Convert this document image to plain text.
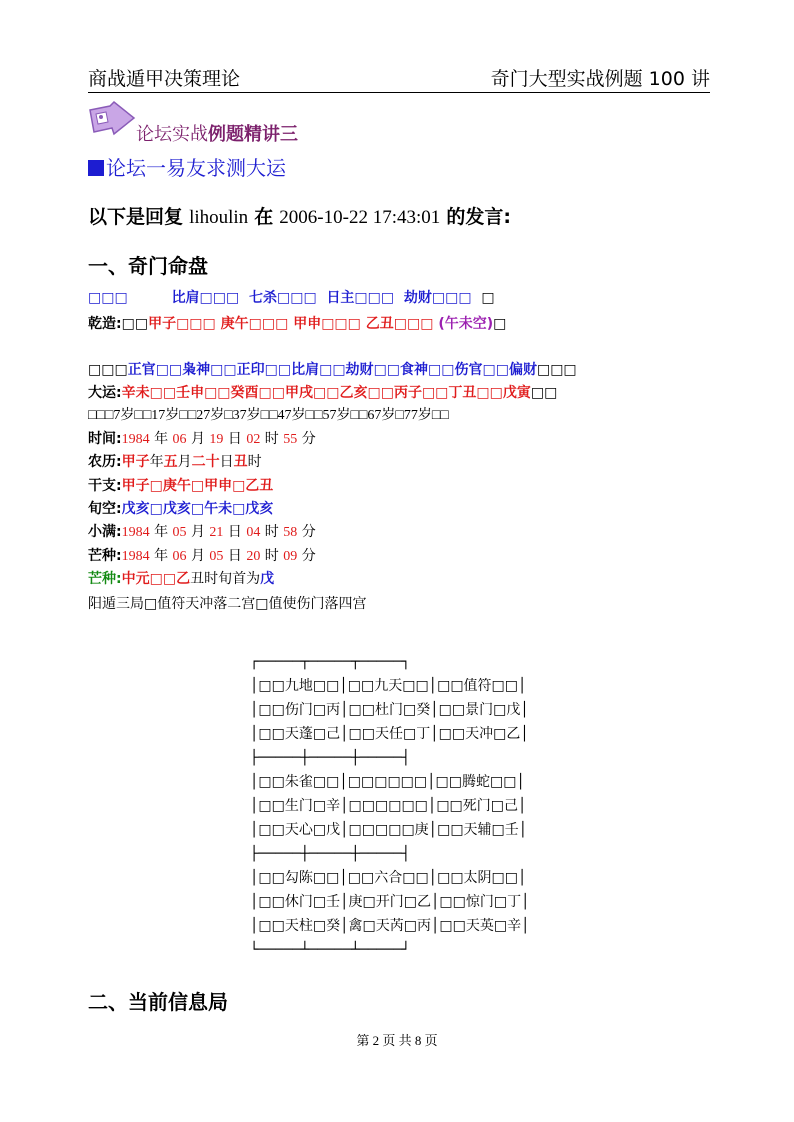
商战遁甲决策理论	奇门大型实战例题 100 讲
论坛实战例题精讲三
论坛一易友求测大运
以下是回复 lihoulin 在 2006-10-22 17:43:01 的发言:
一、奇门命盘
□□□	比肩□□□ 七杀□□□ 日主□□□ 劫财□□□ □
乾造:□□甲子□□□ 庚午□□□ 甲申□□□ 乙丑□□□ (午未空)□
□□□正官□□枭神□□正印□□比肩□□劫财□□食神□□伤官□□偏财□□□
大运:辛未□□壬申□□癸酉□□甲戌□□乙亥□□丙子□□丁丑□□戊寅□□
□□□7岁□□17岁□□27岁□37岁□□47岁□□57岁□□67岁□77岁□□
时间:1984 年 06 月 19 日 02 时 55 分
农历:甲子年五月二十日丑时
干支:甲子□庚午□甲申□乙丑
旬空:戊亥□戊亥□午未□戊亥
小满:1984 年 05 月 21 日 04 时 58 分
芒种:1984 年 06 月 05 日 20 时 09 分
芒种:中元□□乙丑时旬首为戊
阳遁三局□值符天冲落二宫□值使伤门落四宫
┌─────┬─────┬─────┐
│□□九地□□│□□九天□□│□□值符□□│
│□□伤门□丙│□□杜门□癸│□□景门□戊│
│□□天蓬□己│□□天任□丁│□□天冲□乙│
├─────┼─────┼─────┤
│□□朱雀□□│□□□□□□│□□腾蛇□□│
│□□生门□辛│□□□□□□│□□死门□己│
│□□天心□戊│□□□□□庚│□□天辅□壬│
├─────┼─────┼─────┤
│□□勾陈□□│□□六合□□│□□太阴□□│
│□□休门□壬│庚□开门□乙│□□惊门□丁│
│□□天柱□癸│禽□天芮□丙│□□天英□辛│
└─────┴─────┴─────┘
二、当前信息局
第 2 页 共 8 页
